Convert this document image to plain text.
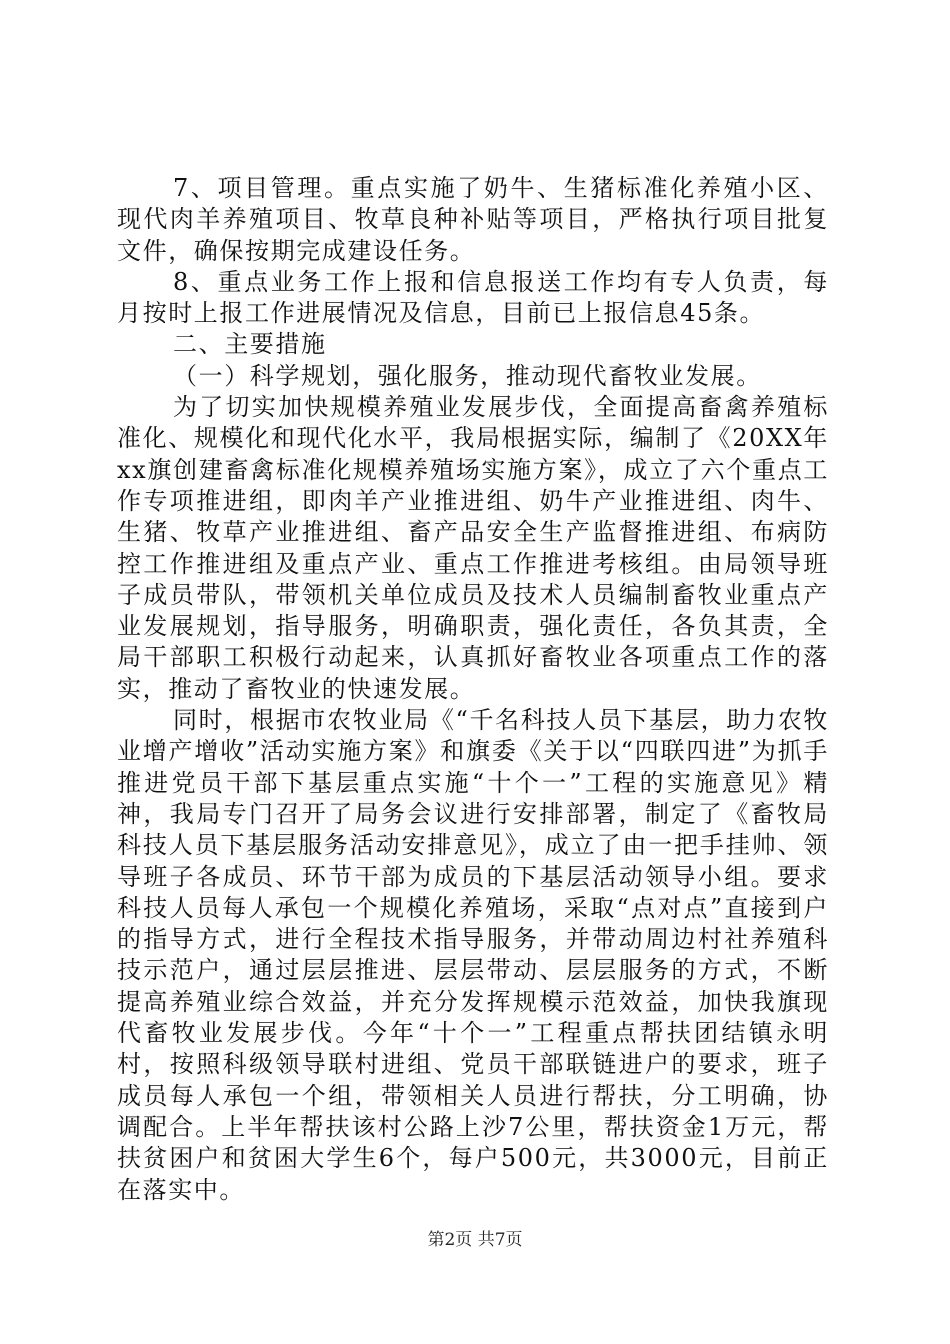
7、项目管理。重点实施了奶牛、生猪标准化养殖小区、现代肉羊养殖项目、牧草良种补贴等项目，严格执行项目批复文件，确保按期完成建设任务。

8、重点业务工作上报和信息报送工作均有专人负责，每月按时上报工作进展情况及信息，目前已上报信息45条。

二、主要措施

（一）科学规划，强化服务，推动现代畜牧业发展。

为了切实加快规模养殖业发展步伐，全面提高畜禽养殖标准化、规模化和现代化水平，我局根据实际，编制了《20XX年xx旗创建畜禽标准化规模养殖场实施方案》，成立了六个重点工作专项推进组，即肉羊产业推进组、奶牛产业推进组、肉牛、生猪、牧草产业推进组、畜产品安全生产监督推进组、布病防控工作推进组及重点产业、重点工作推进考核组。由局领导班子成员带队，带领机关单位成员及技术人员编制畜牧业重点产业发展规划，指导服务，明确职责，强化责任，各负其责，全局干部职工积极行动起来，认真抓好畜牧业各项重点工作的落实，推动了畜牧业的快速发展。

同时，根据市农牧业局《“千名科技人员下基层，助力农牧业增产增收”活动实施方案》和旗委《关于以“四联四进”为抓手推进党员干部下基层重点实施“十个一”工程的实施意见》精神，我局专门召开了局务会议进行安排部署，制定了《畜牧局科技人员下基层服务活动安排意见》，成立了由一把手挂帅、领导班子各成员、环节干部为成员的下基层活动领导小组。要求科技人员每人承包一个规模化养殖场，采取“点对点”直接到户的指导方式，进行全程技术指导服务，并带动周边村社养殖科技示范户，通过层层推进、层层带动、层层服务的方式，不断提高养殖业综合效益，并充分发挥规模示范效益，加快我旗现代畜牧业发展步伐。今年“十个一”工程重点帮扶团结镇永明村，按照科级领导联村进组、党员干部联链进户的要求，班子成员每人承包一个组，带领相关人员进行帮扶，分工明确，协调配合。上半年帮扶该村公路上沙7公里，帮扶资金1万元，帮扶贫困户和贫困大学生6个，每户500元，共3000元，目前正在落实中。

第2页 共7页
